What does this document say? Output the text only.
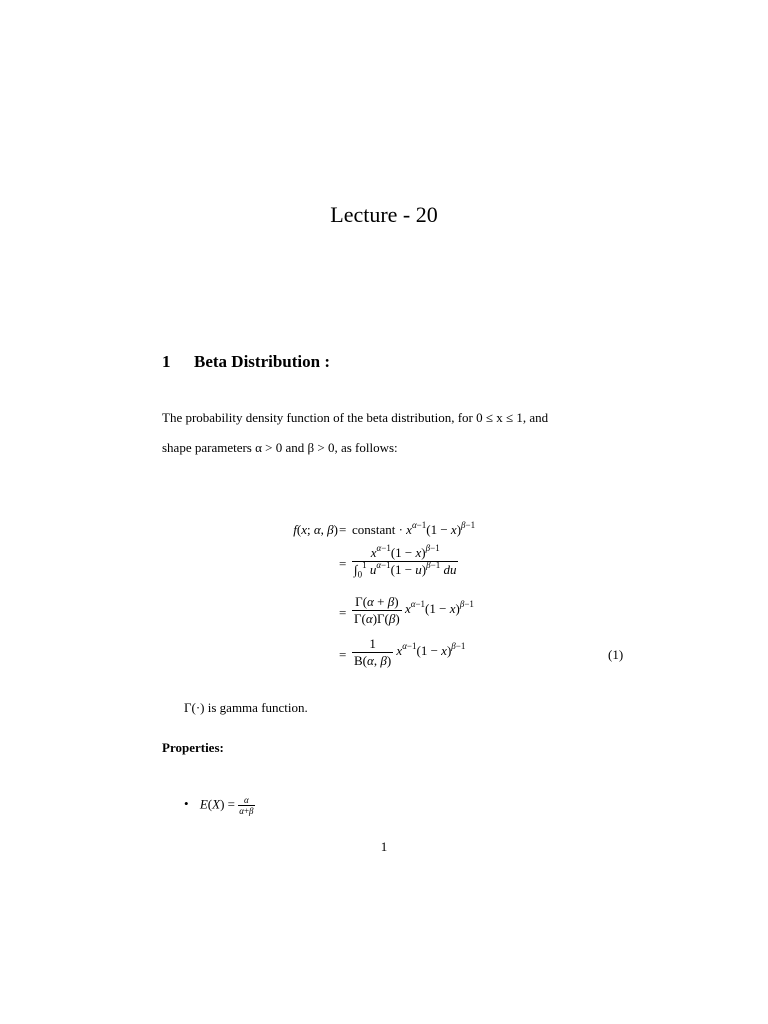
Lecture - 20
1 Beta Distribution :
The probability density function of the beta distribution, for 0 ≤ x ≤ 1, and
shape parameters α > 0 and β > 0, as follows:
f(x; α, β) = constant · $x^{\alpha-1}(1 - x)^{\beta-1}$
= $\frac{x^{\alpha-1}(1 - x)^{\beta-1}}{\int_0^1 u^{\alpha-1}(1 - u)^{\beta-1} du}$
= $\frac{\Gamma(\alpha + \beta)}{\Gamma(\alpha)\Gamma(\beta)} x^{\alpha-1}(1 - x)^{\beta-1}$
= $\frac{1}{B(\alpha, \beta)} x^{\alpha-1}(1 - x)^{\beta-1}$
(1)
Γ(·) is gamma function.
Properties:
• $E(X) = \frac{\alpha}{\alpha+\beta}$
1
